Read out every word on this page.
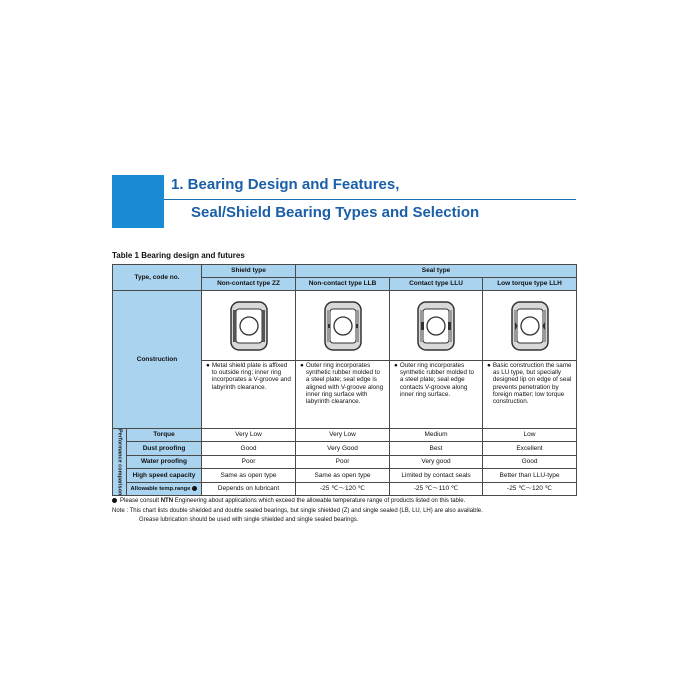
1. Bearing Design and Features,
Seal/Shield Bearing Types and Selection
Table 1 Bearing design and futures
Type, code no.		Shield type	Seal type		
		Non-contact type ZZ	Non-contact type LLB	Contact type LLU	Low torque type LLH
Construction	

		● Metal shield plate is affixed to outside ring; inner ring incorporates a V-groove and labyrinth clearance.	● Outer ring incorporates synthetic rubber molded to a steel plate; seal edge is aligned with V-groove along inner ring surface with labyrinth clearance.	● Outer ring incorporates synthetic rubber molded to a steel plate; seal edge contacts V-groove along inner ring surface.	● Basic construction the same as LU type, but specially designed lip on edge of seal prevents penetration by foreign matter; low torque construction.

Performance comparison	Torque	Very Low	Very Low	Medium	Low
	Dust proofing	Good	Very Good	Best	Excellent
	Water proofing	Poor	Poor	Very good	Good
	High speed capacity	Same as open type	Same as open type	Limited by contact seals	Better than LLU-type
	Allowable temp.range	Depends on lubricant	-25 ℃～120 ℃	-25 ℃～110 ℃	-25 ℃～120 ℃
Please consult NTN Engineering about applications which exceed the allowable temperature range of products listed on this table.
Note : This chart lists double shielded and double sealed bearings, but single shielded (Z) and single sealed (LB, LU, LH) are also available.
Grease lubrication should be used with single shielded and single sealed bearings.
